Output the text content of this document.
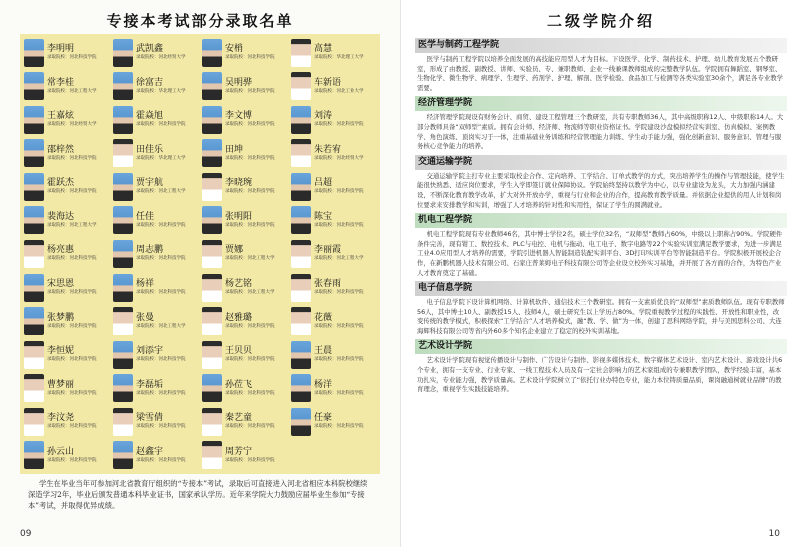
专接本考试部分录取名单
李明明
录取院校：河北科技学院
武凯鑫
录取院校：河北经贸大学
安梢
录取院校：河北科技学院
高慧
录取院校：华北理工大学
常李桂
录取院校：河北工程大学
徐富吉
录取院校：华北理工大学
吴明骅
录取院校：河北科技学院
车新语
录取院校：河北工业大学
王嘉炫
录取院校：河北经贸大学
霍焱旭
录取院校：河北科技学院
李文博
录取院校：河北科技学院
刘涛
录取院校：河北科技学院
邵梓然
录取院校：河北科技学院
田佳乐
录取院校：华北理工大学
田坤
录取院校：河北科技学院
朱若宥
录取院校：河北经贸大学
霍跃杰
录取院校：河北科技学院
贾宇航
录取院校：河北工程大学
李晓琬
录取院校：河北科技学院
吕超
录取院校：河北科技学院
裴海达
录取院校：河北工程大学
任佳
录取院校：河北科技学院
张明阳
录取院校：河北科技学院
陈宝
录取院校：河北科技学院
杨亮惠
录取院校：河北科技学院
周志鹏
录取院校：河北科技学院
贾娜
录取院校：河北工程大学
李丽霞
录取院校：河北工程大学
宋思恩
录取院校：河北科技学院
杨祥
录取院校：河北科技学院
杨艺铭
录取院校：河北工程大学
张春雨
录取院校：河北科技学院
张梦鹏
录取院校：河北科技学院
张曼
录取院校：河北工程大学
赵雅璐
录取院校：河北科技学院
花薇
录取院校：河北科技学院
李恒妮
录取院校：河北科技学院
刘添宇
录取院校：河北科技学院
王贝贝
录取院校：河北科技学院
王晨
录取院校：河北科技学院
曹梦丽
录取院校：河北科技学院
李磊垢
录取院校：河北科技学院
孙莅飞
录取院校：河北科技学院
杨洋
录取院校：河北科技学院
李汶尧
录取院校：河北科技学院
梁雪倩
录取院校：河北科技学院
秦艺童
录取院校：河北科技学院
任豪
录取院校：河北科技学院
孙云山
录取院校：河北科技学院
赵鑫宇
录取院校：河北科技学院
周芳宁
录取院校：河北科技学院
学生在毕业当年可参加河北省教育厅组织的“专接本”考试，录取后可直接进入河北省相应本科院校继续深造学习2年，毕业后颁发普通本科毕业证书，国家承认学历。近年来学院大力鼓励应届毕业生参加“专接本”考试，并取得优异成绩。
09
二级学院介绍
医学与制药工程学院
医学与制药工程学院以培养全面发展的高技能应用型人才为目标。下设医学、化学、制药技术、护理、幼儿教育发展五个教研室，形成了由教授、副教授、讲师、实验员、专、兼职教师、企业一线兼课教师组成的完整教学队伍。学院拥有舞蹈室、钢琴室、生物化学、微生物学、病理学、生理学、药剂学、护理、解剖、医学检验、食品加工与检测等各类实验室30余个，满足各专业教学需要。
经济管理学院
经济管理学院现设有财务会计、商贸、建设工程管理三个教研室，共有专职教师36人，其中高级职称12人、中级职称14人。大部分教师具备“双师型”素质。拥有会计师、经济师、物流师等职业资格证书。学院建设沙盘模拟经营实训室、仿真模拟、案例教学、角色演练、顶岗实习于一体，注重基础业务训练和经营管理能力训练、学生动手能力强，强化创新意识、服务意识、管理与服务核心竞争能力的培养。
交通运输学院
交通运输学院主打专业主要采取校企合作、定向培养、工学结合、订单式教学的方式，突出培养学生的操作与管理技能，使学生能很快熟悉、适应岗位要求，学生入学即签订就业保障协议。学院始终坚持以教学为中心，以专业建设为龙头，大力加强内涵建设，不断深化教育教学改革，扩大对外开放办学，重视与行业和企业的合作，提高教育教学质量。并依据企业提供的用人计划和岗位要求来安排教学和实训，增强了人才培养的针对性和实用性，保证了学生的圆满就业。
机电工程学院
机电工程学院现有专业教师46名，其中博士学位2名，硕士学位32名，“双师型”教师占60%，中级以上职称占90%。学院硬件条件完善，现有钳工、数控技术、PLC与电控、电机与拖动、电工电子、数字电路等22个实验实训室满足教学要求，为进一步满足工业4.0应用型人才培养的需要，学院引进机器人智能制造装配实训平台、3D打印实训平台等智能制造平台。学院积极开展校企合作，在新鹏机器人技术有限公司、石家庄普莱姆电子科技有限公司等企业设立校外实习基地，并开展了各方面的合作，为特色产业人才教育奠定了基础。
电子信息学院
电子信息学院下设计算机网络、计算机软件、通信技术三个教研室。拥有一支素质优良的“双师型”素质教师队伍。现有专职教师56人，其中博士10人、副教授15人、技师4人，硕士研究生以上学历占80%。学院重视教学过程的实践性、开放性和职业性，改变传统的教学模式，积极探索“工学结合”人才培养模式，融“教、学、做”为一体，创建了思科网络学院，并与美国思科公司、大连海辉科技有限公司等省内外60多个知名企业建立了稳定的校外实训基地。
艺术设计学院
艺术设计学院现有视觉传播设计与制作、广告设计与制作、影视多媒体技术、数字媒体艺术设计、室内艺术设计、游戏设计共6个专业，拥有一支专业、行业专家、一线工程技术人员及有一定社会影响力的艺术家组成的专兼职教学团队，教学经验丰富，基本功扎实，专业能力强，教学质量高。艺术设计学院树立了“依托行业办特色专业，能力本位铸质量品质，课岗融通树就业品牌”的教育理念，重视学生实践技能培养。
10
